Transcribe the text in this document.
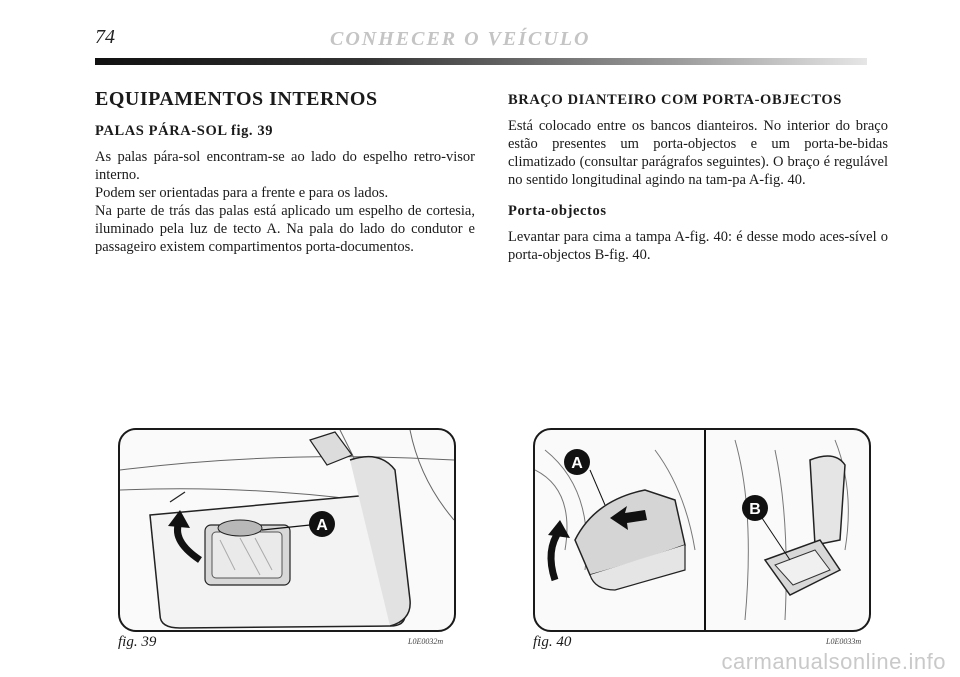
74	CONHECER O VEÍCULO
EQUIPAMENTOS INTERNOS
PALAS PÁRA-SOL fig. 39

As palas pára-sol encontram-se ao lado do espelho retro-visor interno.

Podem ser orientadas para a frente e para os lados.

Na parte de trás das palas está aplicado um espelho de cortesia, iluminado pela luz de tecto A. Na pala do lado do condutor e passageiro existem compartimentos porta-documentos.

BRAÇO DIANTEIRO COM PORTA-OBJECTOS

Está colocado entre os bancos dianteiros. No interior do braço estão presentes um porta-objectos e um porta-be-bidas climatizado (consultar parágrafos seguintes). O braço é regulável no sentido longitudinal agindo na tam-pa A-fig. 40.

Porta-objectos

Levantar para cima a tampa A-fig. 40: é desse modo aces-sível o porta-objectos B-fig. 40.

A
fig. 39	L0E0032m
A
B
fig. 40	L0E0033m
carmanualsonline.info
